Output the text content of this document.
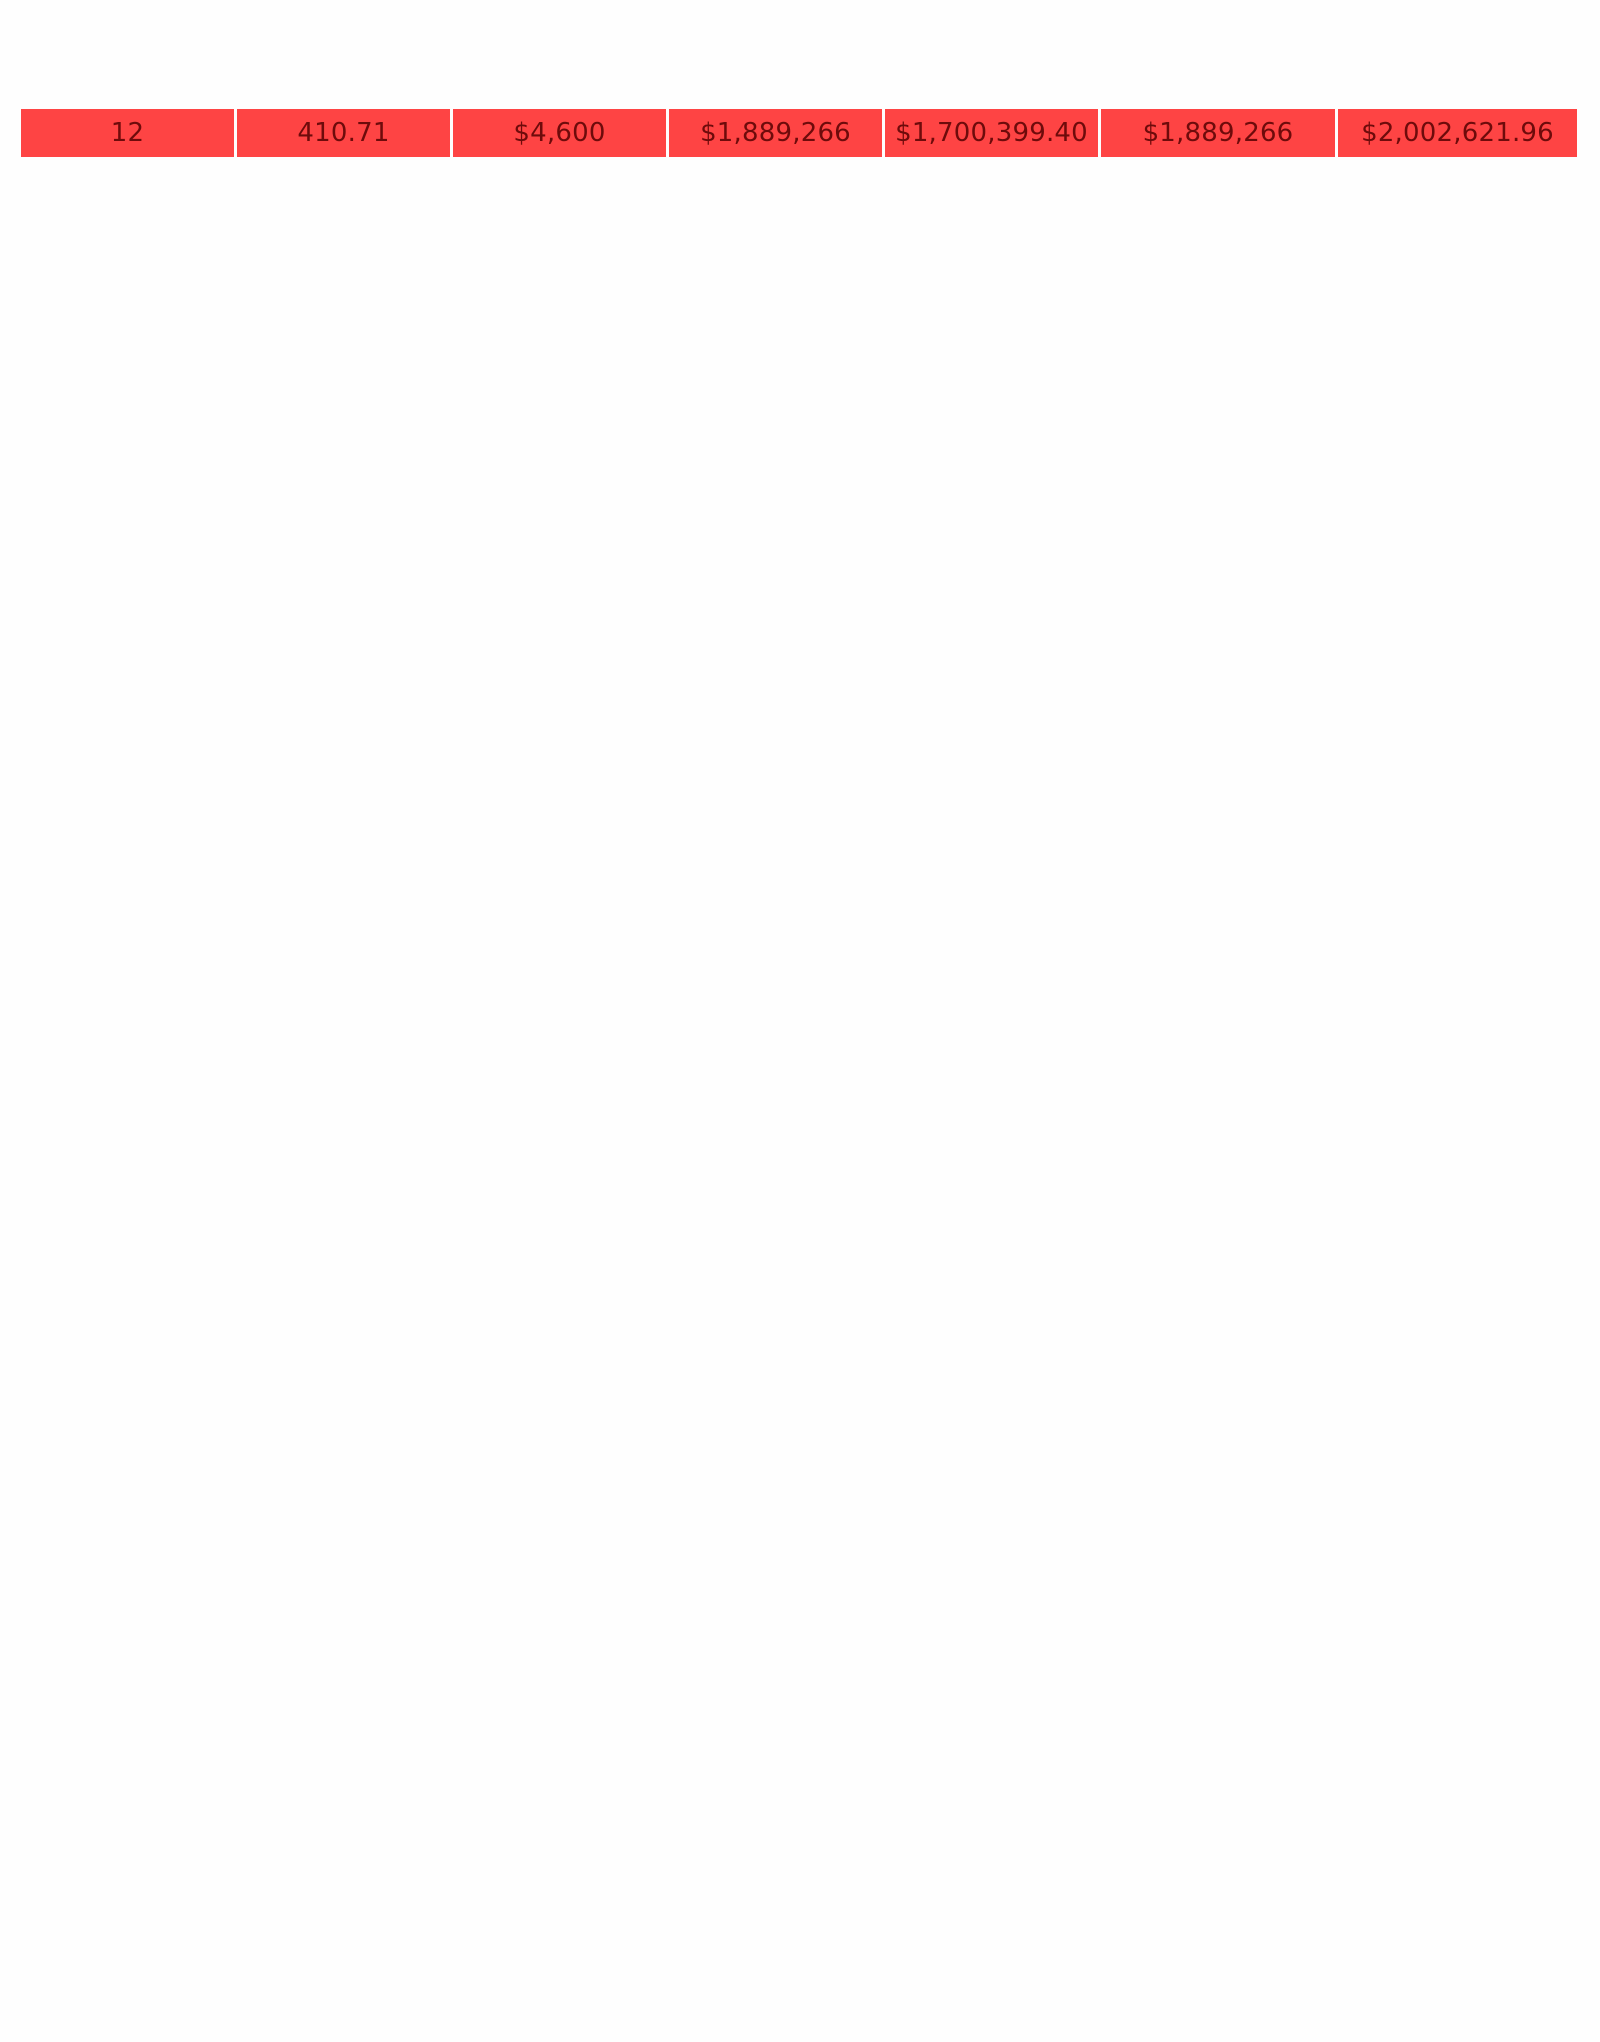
12	410.71	$4,600	$1,889,266	$1,700,399.40	$1,889,266	$2,002,621.96
